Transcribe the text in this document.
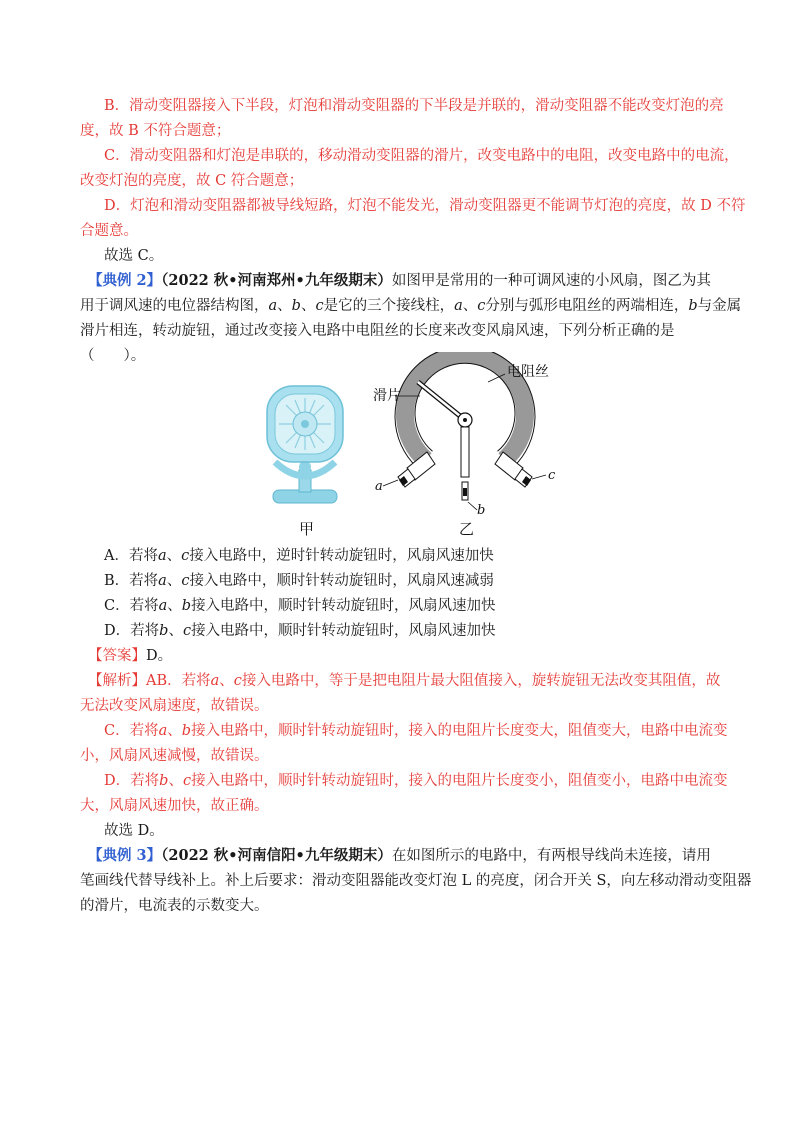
B．滑动变阻器接入下半段，灯泡和滑动变阻器的下半段是并联的，滑动变阻器不能改变灯泡的亮
度，故 B 不符合题意；
C．滑动变阻器和灯泡是串联的，移动滑动变阻器的滑片，改变电路中的电阻，改变电路中的电流，
改变灯泡的亮度，故 C 符合题意；
D．灯泡和滑动变阻器都被导线短路，灯泡不能发光，滑动变阻器更不能调节灯泡的亮度，故 D 不符
合题意。
故选 C。
【典例 2】（2022 秋•河南郑州•九年级期末）如图甲是常用的一种可调风速的小风扇，图乙为其
用于调风速的电位器结构图，a、b、c是它的三个接线柱，a、c分别与弧形电阻丝的两端相连，b与金属
滑片相连，转动旋钮，通过改变接入电路中电阻丝的长度来改变风扇风速，下列分析正确的是
（　　）。
甲
滑片
电阻丝
a
b
c
乙
A．若将a、c接入电路中，逆时针转动旋钮时，风扇风速加快
B．若将a、c接入电路中，顺时针转动旋钮时，风扇风速减弱
C．若将a、b接入电路中，顺时针转动旋钮时，风扇风速加快
D．若将b、c接入电路中，顺时针转动旋钮时，风扇风速加快
【答案】D。
【解析】AB．若将a、c接入电路中，等于是把电阻片最大阻值接入，旋转旋钮无法改变其阻值，故
无法改变风扇速度，故错误。
C．若将a、b接入电路中，顺时针转动旋钮时，接入的电阻片长度变大，阻值变大，电路中电流变
小，风扇风速减慢，故错误。
D．若将b、c接入电路中，顺时针转动旋钮时，接入的电阻片长度变小，阻值变小，电路中电流变
大，风扇风速加快，故正确。
故选 D。
【典例 3】（2022 秋•河南信阳•九年级期末）在如图所示的电路中，有两根导线尚未连接，请用
笔画线代替导线补上。补上后要求：滑动变阻器能改变灯泡 L 的亮度，闭合开关 S，向左移动滑动变阻器
的滑片，电流表的示数变大。
